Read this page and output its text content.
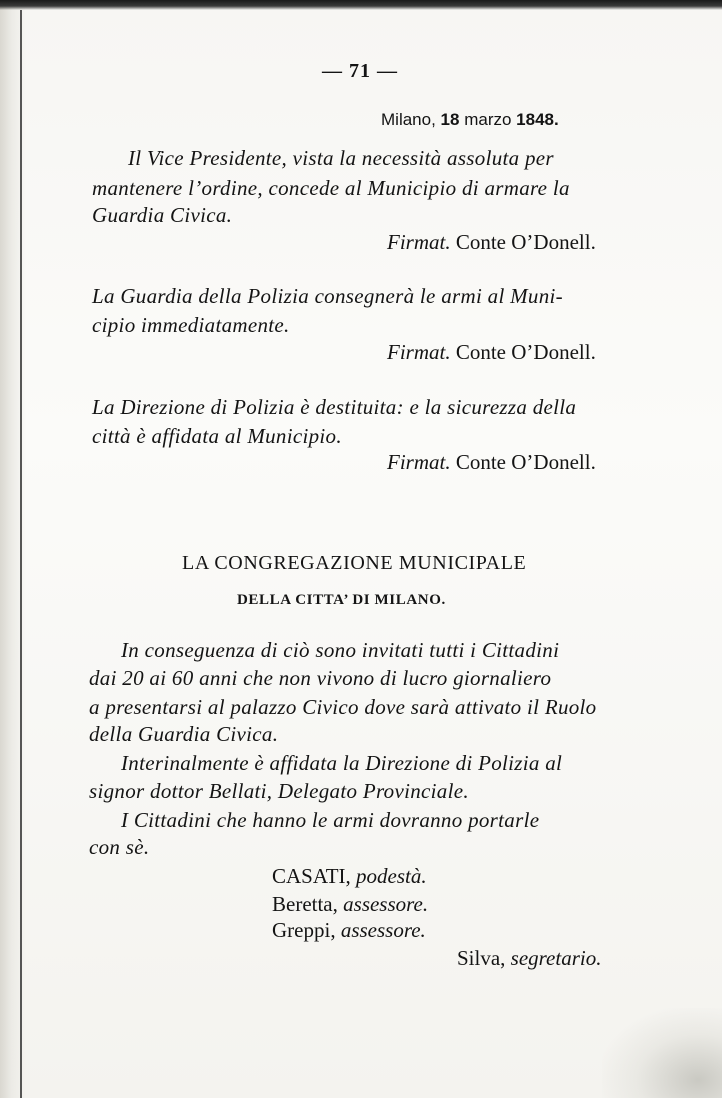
— 71 —
Milano, 18 marzo 1848.
Il Vice Presidente, vista la necessità assoluta per
mantenere l’ordine, concede al Municipio di armare la
Guardia Civica.
Firmat. Conte O’Donell.
La Guardia della Polizia consegnerà le armi al Muni-
cipio immediatamente.
Firmat. Conte O’Donell.
La Direzione di Polizia è destituita: e la sicurezza della
città è affidata al Municipio.
Firmat. Conte O’Donell.
LA CONGREGAZIONE MUNICIPALE
DELLA CITTA’ DI MILANO.
In conseguenza di ciò sono invitati tutti i Cittadini
dai 20 ai 60 anni che non vivono di lucro giornaliero
a presentarsi al palazzo Civico dove sarà attivato il Ruolo
della Guardia Civica.
Interinalmente è affidata la Direzione di Polizia al
signor dottor Bellati, Delegato Provinciale.
I Cittadini che hanno le armi dovranno portarle
con sè.
CASATI, podestà.
Beretta, assessore.
Greppi, assessore.
Silva, segretario.
